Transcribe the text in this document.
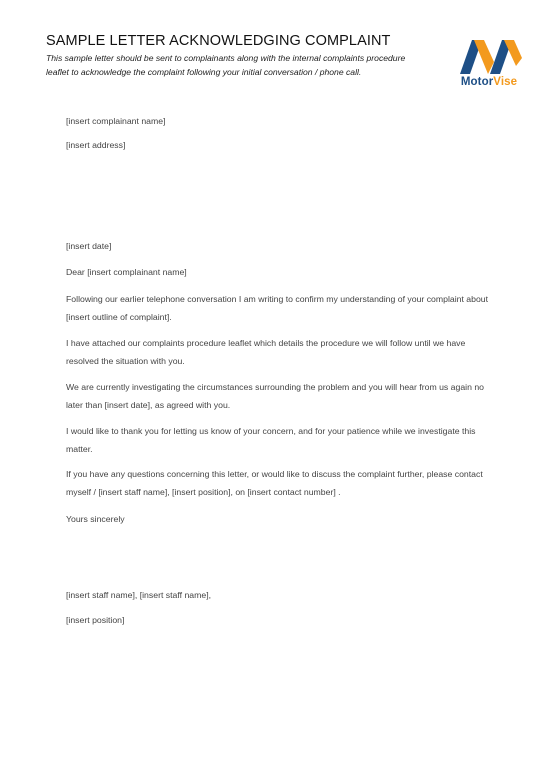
SAMPLE LETTER ACKNOWLEDGING COMPLAINT
This sample letter should be sent to complainants along with the internal complaints procedure leaflet to acknowledge the complaint following your initial conversation / phone call.
MotorVise
[insert complainant name]
[insert address]
[insert date]
Dear [insert complainant name]
Following our earlier telephone conversation I am writing to confirm my understanding of your complaint about [insert outline of complaint].
I have attached our complaints procedure leaflet which details the procedure we will follow until we have resolved the situation with you.
We are currently investigating the circumstances surrounding the problem and you will hear from us again no later than [insert date], as agreed with you.
I would like to thank you for letting us know of your concern, and for your patience while we investigate this matter.
If you have any questions concerning this letter, or would like to discuss the complaint further, please contact myself / [insert staff name], [insert position], on [insert contact number] .
Yours sincerely
[insert staff name], [insert staff name],
[insert position]
